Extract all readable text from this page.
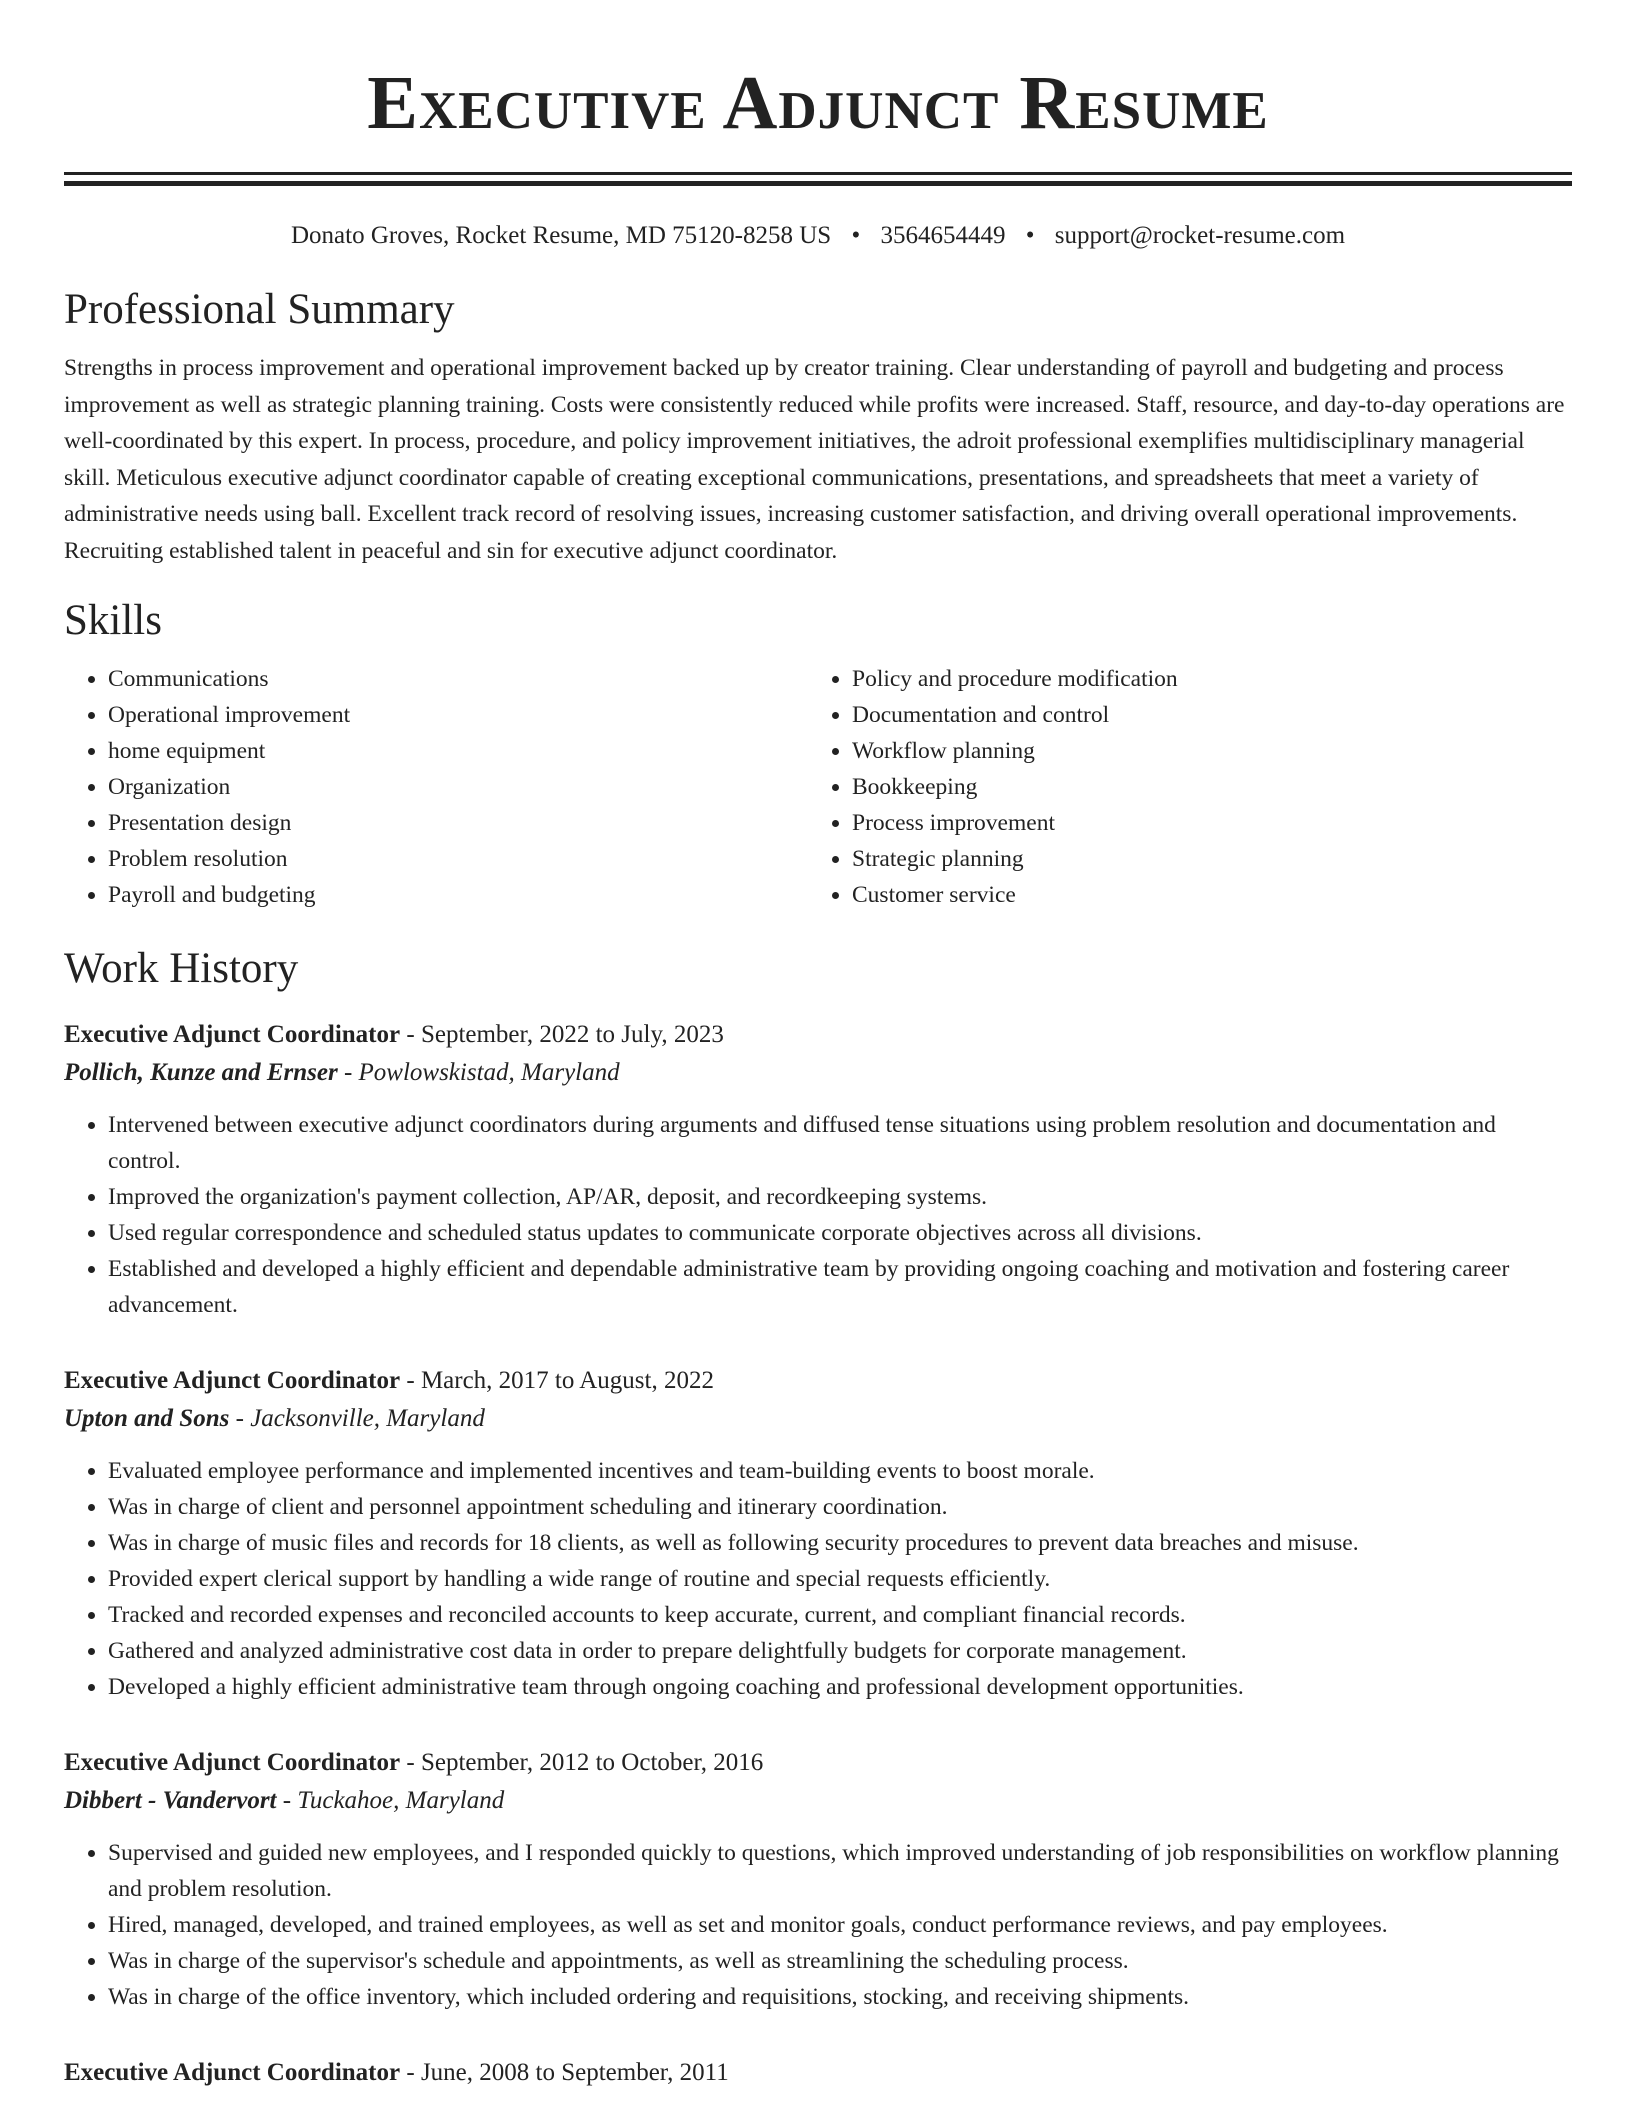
Executive Adjunct Resume
Donato Groves, Rocket Resume, MD 75120-8258 US • 3564654449 • support@rocket-resume.com
Professional Summary

Strengths in process improvement and operational improvement backed up by creator training. Clear understanding of payroll and budgeting and process improvement as well as strategic planning training. Costs were consistently reduced while profits were increased. Staff, resource, and day-to-day operations are well-coordinated by this expert. In process, procedure, and policy improvement initiatives, the adroit professional exemplifies multidisciplinary managerial skill. Meticulous executive adjunct coordinator capable of creating exceptional communications, presentations, and spreadsheets that meet a variety of administrative needs using ball. Excellent track record of resolving issues, increasing customer satisfaction, and driving overall operational improvements. Recruiting established talent in peaceful and sin for executive adjunct coordinator.

Skills
• Communications
• Operational improvement
• home equipment
• Organization
• Presentation design
• Problem resolution
• Payroll and budgeting
• Policy and procedure modification
• Documentation and control
• Workflow planning
• Bookkeeping
• Process improvement
• Strategic planning
• Customer service
Work History

Executive Adjunct Coordinator - September, 2022 to July, 2023

Pollich, Kunze and Ernser - Powlowskistad, Maryland

• Intervened between executive adjunct coordinators during arguments and diffused tense situations using problem resolution and documentation and control.
• Improved the organization's payment collection, AP/AR, deposit, and recordkeeping systems.
• Used regular correspondence and scheduled status updates to communicate corporate objectives across all divisions.
• Established and developed a highly efficient and dependable administrative team by providing ongoing coaching and motivation and fostering career advancement.

Executive Adjunct Coordinator - March, 2017 to August, 2022

Upton and Sons - Jacksonville, Maryland

• Evaluated employee performance and implemented incentives and team-building events to boost morale.
• Was in charge of client and personnel appointment scheduling and itinerary coordination.
• Was in charge of music files and records for 18 clients, as well as following security procedures to prevent data breaches and misuse.
• Provided expert clerical support by handling a wide range of routine and special requests efficiently.
• Tracked and recorded expenses and reconciled accounts to keep accurate, current, and compliant financial records.
• Gathered and analyzed administrative cost data in order to prepare delightfully budgets for corporate management.
• Developed a highly efficient administrative team through ongoing coaching and professional development opportunities.

Executive Adjunct Coordinator - September, 2012 to October, 2016

Dibbert - Vandervort - Tuckahoe, Maryland

• Supervised and guided new employees, and I responded quickly to questions, which improved understanding of job responsibilities on workflow planning and problem resolution.
• Hired, managed, developed, and trained employees, as well as set and monitor goals, conduct performance reviews, and pay employees.
• Was in charge of the supervisor's schedule and appointments, as well as streamlining the scheduling process.
• Was in charge of the office inventory, which included ordering and requisitions, stocking, and receiving shipments.

Executive Adjunct Coordinator - June, 2008 to September, 2011
